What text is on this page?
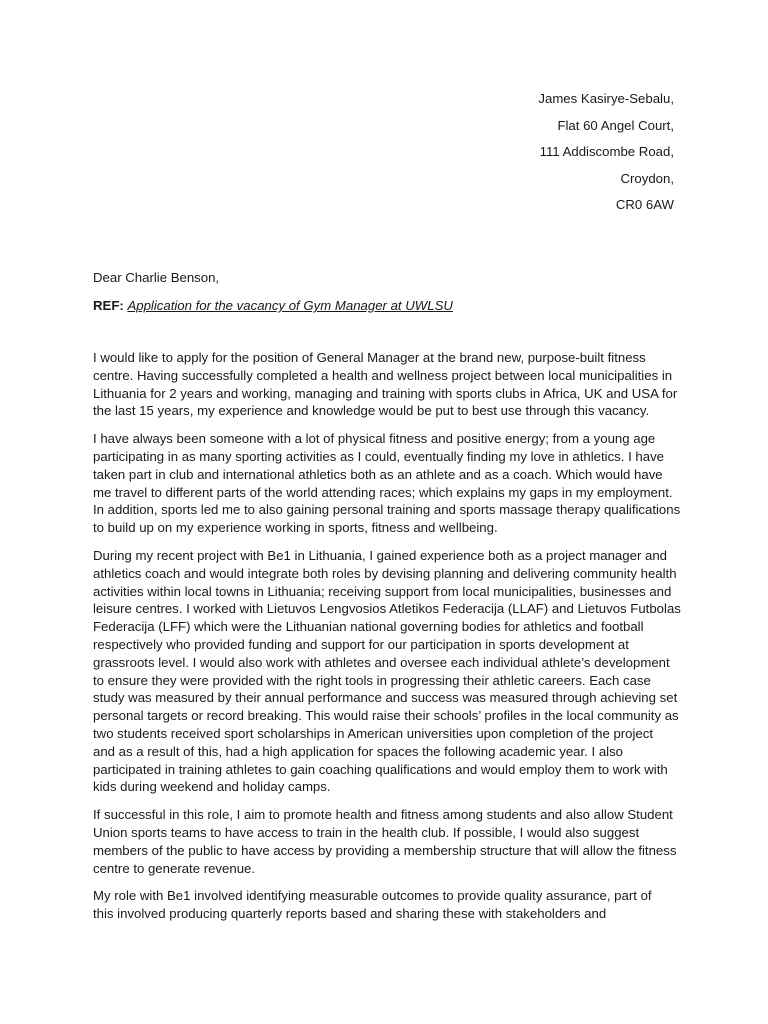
James Kasirye-Sebalu,
Flat 60 Angel Court,
111 Addiscombe Road,
Croydon,
CR0 6AW
Dear Charlie Benson,
REF: Application for the vacancy of Gym Manager at UWLSU

I would like to apply for the position of General Manager at the brand new, purpose-built fitness
centre. Having successfully completed a health and wellness project between local municipalities in
Lithuania for 2 years and working, managing and training with sports clubs in Africa, UK and USA for
the last 15 years, my experience and knowledge would be put to best use through this vacancy.

I have always been someone with a lot of physical fitness and positive energy; from a young age
participating in as many sporting activities as I could, eventually finding my love in athletics. I have
taken part in club and international athletics both as an athlete and as a coach. Which would have
me travel to different parts of the world attending races; which explains my gaps in my employment.
In addition, sports led me to also gaining personal training and sports massage therapy qualifications
to build up on my experience working in sports, fitness and wellbeing.

During my recent project with Be1 in Lithuania, I gained experience both as a project manager and
athletics coach and would integrate both roles by devising planning and delivering community health
activities within local towns in Lithuania; receiving support from local municipalities, businesses and
leisure centres. I worked with Lietuvos Lengvosios Atletikos Federacija (LLAF) and Lietuvos Futbolas
Federacija (LFF) which were the Lithuanian national governing bodies for athletics and football
respectively who provided funding and support for our participation in sports development at
grassroots level. I would also work with athletes and oversee each individual athlete’s development
to ensure they were provided with the right tools in progressing their athletic careers. Each case
study was measured by their annual performance and success was measured through achieving set
personal targets or record breaking. This would raise their schools’ profiles in the local community as
two students received sport scholarships in American universities upon completion of the project
and as a result of this, had a high application for spaces the following academic year. I also
participated in training athletes to gain coaching qualifications and would employ them to work with
kids during weekend and holiday camps.

If successful in this role, I aim to promote health and fitness among students and also allow Student
Union sports teams to have access to train in the health club. If possible, I would also suggest
members of the public to have access by providing a membership structure that will allow the fitness
centre to generate revenue.

My role with Be1 involved identifying measurable outcomes to provide quality assurance, part of
this involved producing quarterly reports based and sharing these with stakeholders and
